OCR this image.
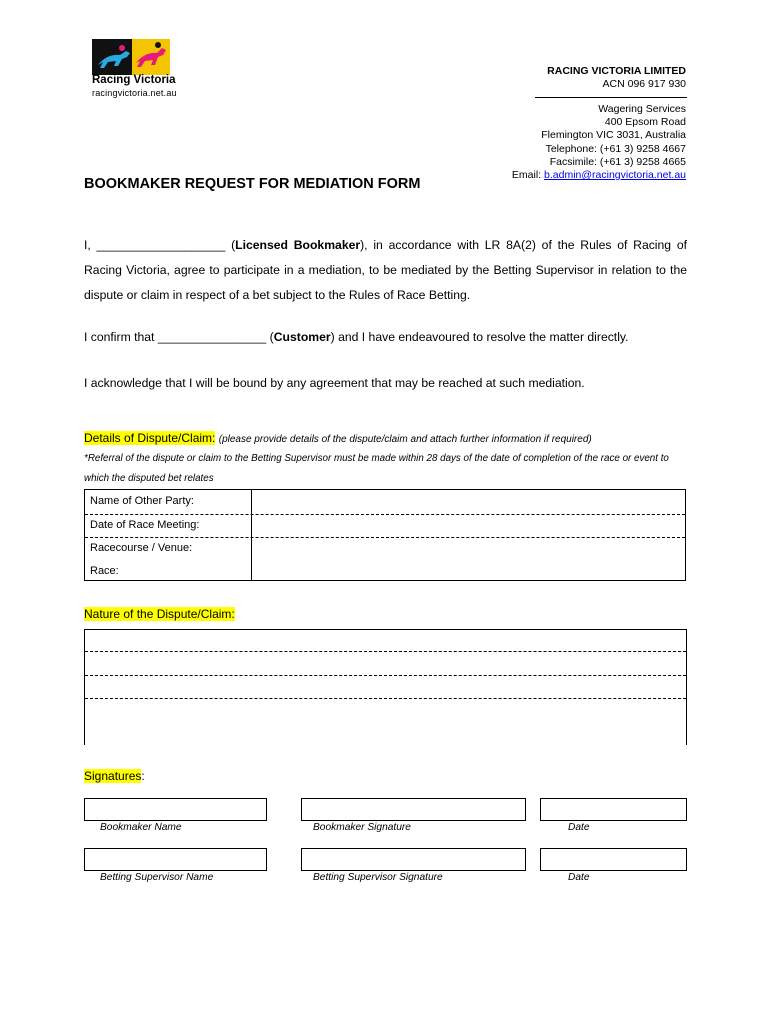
Racing Victoria
racingvictoria.net.au
RACING VICTORIA LIMITED
ACN 096 917 930
Wagering Services
400 Epsom Road
Flemington VIC 3031, Australia
Telephone: (+61 3) 9258 4667
Facsimile: (+61 3) 9258 4665
Email: b.admin@racingvictoria.net.au
BOOKMAKER REQUEST FOR MEDIATION FORM
I, ___________________ (Licensed Bookmaker), in accordance with LR 8A(2) of the Rules of Racing of Racing Victoria, agree to participate in a mediation, to be mediated by the Betting Supervisor in relation to the dispute or claim in respect of a bet subject to the Rules of Race Betting.
I confirm that ________________ (Customer) and I have endeavoured to resolve the matter directly.
I acknowledge that I will be bound by any agreement that may be reached at such mediation.
Details of Dispute/Claim: (please provide details of the dispute/claim and attach further information if required)
*Referral of the dispute or claim to the Betting Supervisor must be made within 28 days of the date of completion of the race or event to which the disputed bet relates
Name of Other Party:
Date of Race Meeting:
Racecourse / Venue:
Race:
Nature of the Dispute/Claim:
Signatures:
Bookmaker Name	Bookmaker Signature	Date
Betting Supervisor Name	Betting Supervisor Signature	Date
